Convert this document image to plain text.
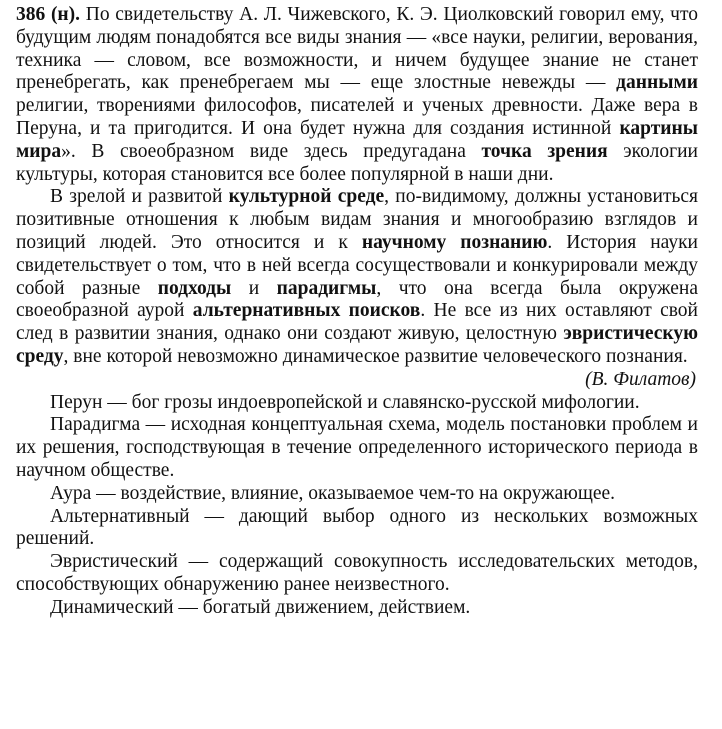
386 (н). По свидетельству А. Л. Чижевского, К. Э. Циолковский говорил ему, что будущим людям понадобятся все виды знания — «все науки, религии, верования, техника — словом, все возможности, и ничем будущее знание не станет пренебрегать, как пренебрегаем мы — еще злостные невежды — данными религии, творениями философов, писателей и ученых древности. Даже вера в Перуна, и та пригодится. И она будет нужна для создания истинной картины мира». В своеобразном виде здесь предугадана точка зрения экологии культуры, которая становится все более популярной в наши дни.

В зрелой и развитой культурной среде, по-видимому, должны установиться позитивные отношения к любым видам знания и многообразию взглядов и позиций людей. Это относится и к научному познанию. История науки свидетельствует о том, что в ней всегда сосуществовали и конкурировали между собой разные подходы и парадигмы, что она всегда была окружена своеобразной аурой альтернативных поисков. Не все из них оставляют свой след в развитии знания, однако они создают живую, целостную эвристическую среду, вне которой невозможно динамическое развитие человеческого познания.

(В. Филатов)

Перун — бог грозы индоевропейской и славянско-русской мифологии.

Парадигма — исходная концептуальная схема, модель постановки проблем и их решения, господствующая в течение определенного исторического периода в научном обществе.

Аура — воздействие, влияние, оказываемое чем-то на окружающее.

Альтернативный — дающий выбор одного из нескольких возможных решений.

Эвристический — содержащий совокупность исследовательских методов, способствующих обнаружению ранее неизвестного.

Динамический — богатый движением, действием.
